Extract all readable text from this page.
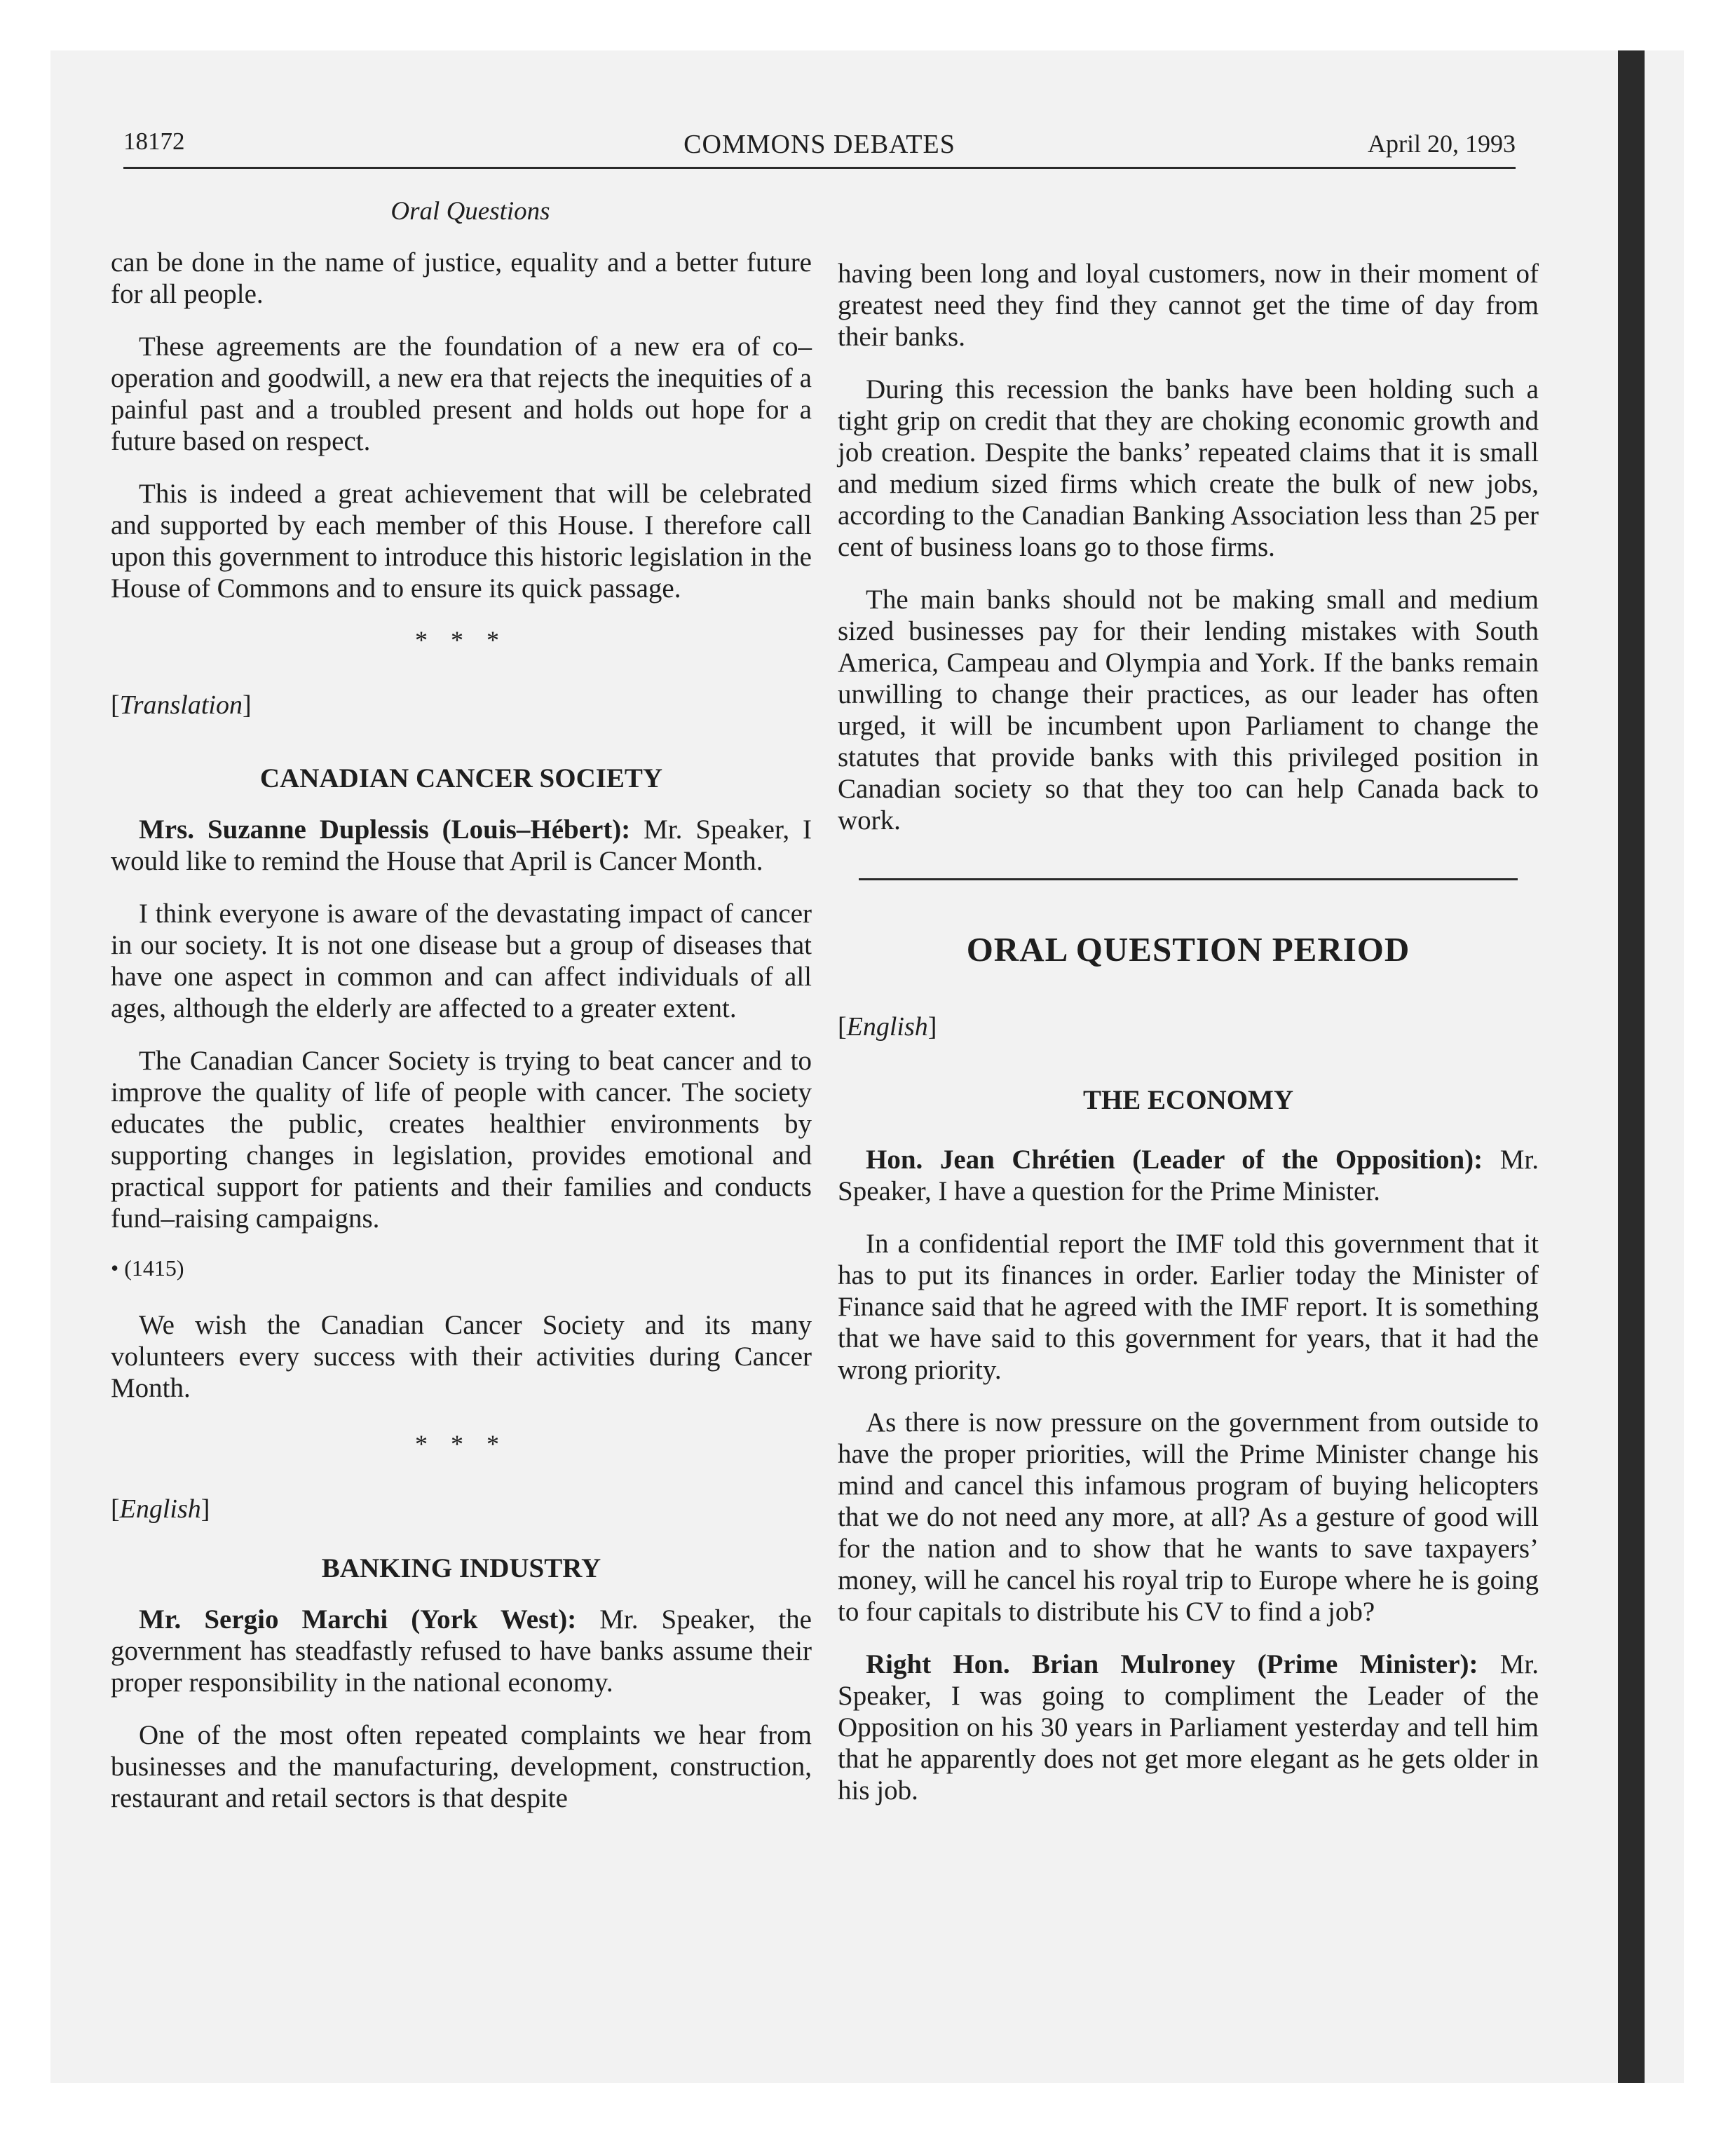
18172	COMMONS DEBATES	April 20, 1993
Oral Questions

can be done in the name of justice, equality and a better future for all people.

These agreements are the foundation of a new era of co–operation and goodwill, a new era that rejects the inequities of a painful past and a troubled present and holds out hope for a future based on respect.

This is indeed a great achievement that will be celebrated and supported by each member of this House. I therefore call upon this government to introduce this historic legislation in the House of Commons and to ensure its quick passage.

* * *
[Translation]
CANADIAN CANCER SOCIETY

Mrs. Suzanne Duplessis (Louis–Hébert): Mr. Speaker, I would like to remind the House that April is Cancer Month.

I think everyone is aware of the devastating impact of cancer in our society. It is not one disease but a group of diseases that have one aspect in common and can affect individuals of all ages, although the elderly are affected to a greater extent.

The Canadian Cancer Society is trying to beat cancer and to improve the quality of life of people with cancer. The society educates the public, creates healthier environments by supporting changes in legislation, provides emotional and practical support for patients and their families and conducts fund–raising campaigns.

• (1415)

We wish the Canadian Cancer Society and its many volunteers every success with their activities during Cancer Month.

* * *
[English]
BANKING INDUSTRY

Mr. Sergio Marchi (York West): Mr. Speaker, the government has steadfastly refused to have banks assume their proper responsibility in the national economy.

One of the most often repeated complaints we hear from businesses and the manufacturing, development, construction, restaurant and retail sectors is that despite

having been long and loyal customers, now in their moment of greatest need they find they cannot get the time of day from their banks.

During this recession the banks have been holding such a tight grip on credit that they are choking economic growth and job creation. Despite the banks’ repeated claims that it is small and medium sized firms which create the bulk of new jobs, according to the Canadian Banking Association less than 25 per cent of business loans go to those firms.

The main banks should not be making small and medium sized businesses pay for their lending mistakes with South America, Campeau and Olympia and York. If the banks remain unwilling to change their practices, as our leader has often urged, it will be incumbent upon Parliament to change the statutes that provide banks with this privileged position in Canadian society so that they too can help Canada back to work.

ORAL QUESTION PERIOD
[English]
THE ECONOMY

Hon. Jean Chrétien (Leader of the Opposition): Mr. Speaker, I have a question for the Prime Minister.

In a confidential report the IMF told this government that it has to put its finances in order. Earlier today the Minister of Finance said that he agreed with the IMF report. It is something that we have said to this government for years, that it had the wrong priority.

As there is now pressure on the government from outside to have the proper priorities, will the Prime Minister change his mind and cancel this infamous program of buying helicopters that we do not need any more, at all? As a gesture of good will for the nation and to show that he wants to save taxpayers’ money, will he cancel his royal trip to Europe where he is going to four capitals to distribute his CV to find a job?

Right Hon. Brian Mulroney (Prime Minister): Mr. Speaker, I was going to compliment the Leader of the Opposition on his 30 years in Parliament yesterday and tell him that he apparently does not get more elegant as he gets older in his job.
